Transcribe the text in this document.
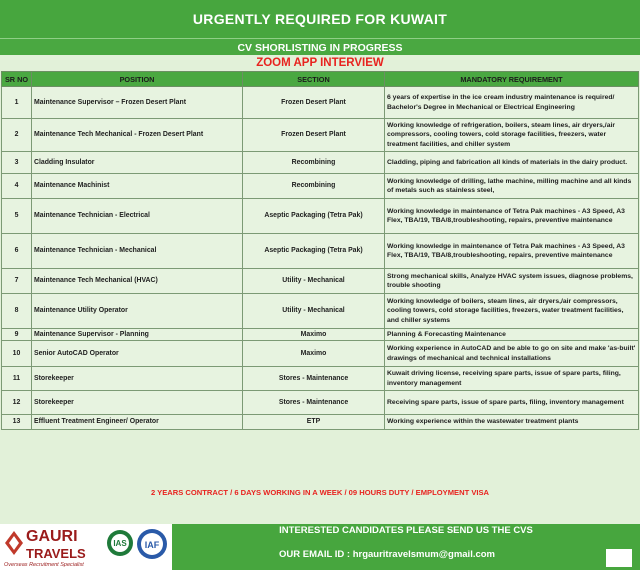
URGENTLY REQUIRED FOR KUWAIT
CV SHORLISTING IN PROGRESS
ZOOM APP INTERVIEW
SR NO	POSITION	SECTION	MANDATORY REQUIREMENT
1	Maintenance Supervisor – Frozen Desert Plant	Frozen Desert Plant	6 years of expertise in the ice cream industry maintenance is required/ Bachelor's Degree in Mechanical or Electrical Engineering
2	Maintenance Tech Mechanical - Frozen Desert Plant	Frozen Desert Plant	Working knowledge of refrigeration, boilers, steam lines, air dryers,/air compressors, cooling towers, cold storage facilities, freezers, water treatment facilities, and chiller system
3	Cladding Insulator	Recombining	Cladding, piping and fabrication all kinds of materials in the dairy product.
4	Maintenance Machinist	Recombining	Working knowledge of drilling, lathe machine, milling machine and all kinds of metals such as stainless steel,
5	Maintenance Technician - Electrical	Aseptic Packaging (Tetra Pak)	Working knowledge in maintenance of Tetra Pak machines - A3 Speed, A3 Flex, TBA/19, TBA/8,troubleshooting, repairs, preventive maintenance
6	Maintenance Technician - Mechanical	Aseptic Packaging (Tetra Pak)	Working knowledge in maintenance of Tetra Pak machines - A3 Speed, A3 Flex, TBA/19, TBA/8,troubleshooting, repairs, preventive maintenance
7	Maintenance Tech Mechanical (HVAC)	Utility - Mechanical	Strong mechanical skills, Analyze HVAC system issues, diagnose problems, trouble shooting
8	Maintenance Utility Operator	Utility - Mechanical	Working knowledge of boilers, steam lines, air dryers,/air compressors, cooling towers, cold storage facilities, freezers, water treatment facilities, and chiller systems
9	Maintenance Supervisor - Planning	Maximo	Planning & Forecasting Maintenance
10	Senior AutoCAD Operator	Maximo	Working experience in AutoCAD and be able to go on site and make 'as-built' drawings of mechanical and technical installations
11	Storekeeper	Stores - Maintenance	Kuwait driving license, receiving spare parts, issue of spare parts, filing, inventory management
12	Storekeeper	Stores - Maintenance	Receiving spare parts, issue of spare parts, filing, inventory management
13	Effluent Treatment Engineer/ Operator	ETP	Working experience within the wastewater treatment plants
2 YEARS CONTRACT / 6 DAYS WORKING IN A WEEK / 09 HOURS DUTY / EMPLOYMENT VISA
GAURI
TRAVELS
Overseas Recruitment Specialist
IAS IAF
INTERESTED CANDIDATES PLEASE SEND US THE CVS
OUR EMAIL ID : hrgauritravelsmum@gmail.com
